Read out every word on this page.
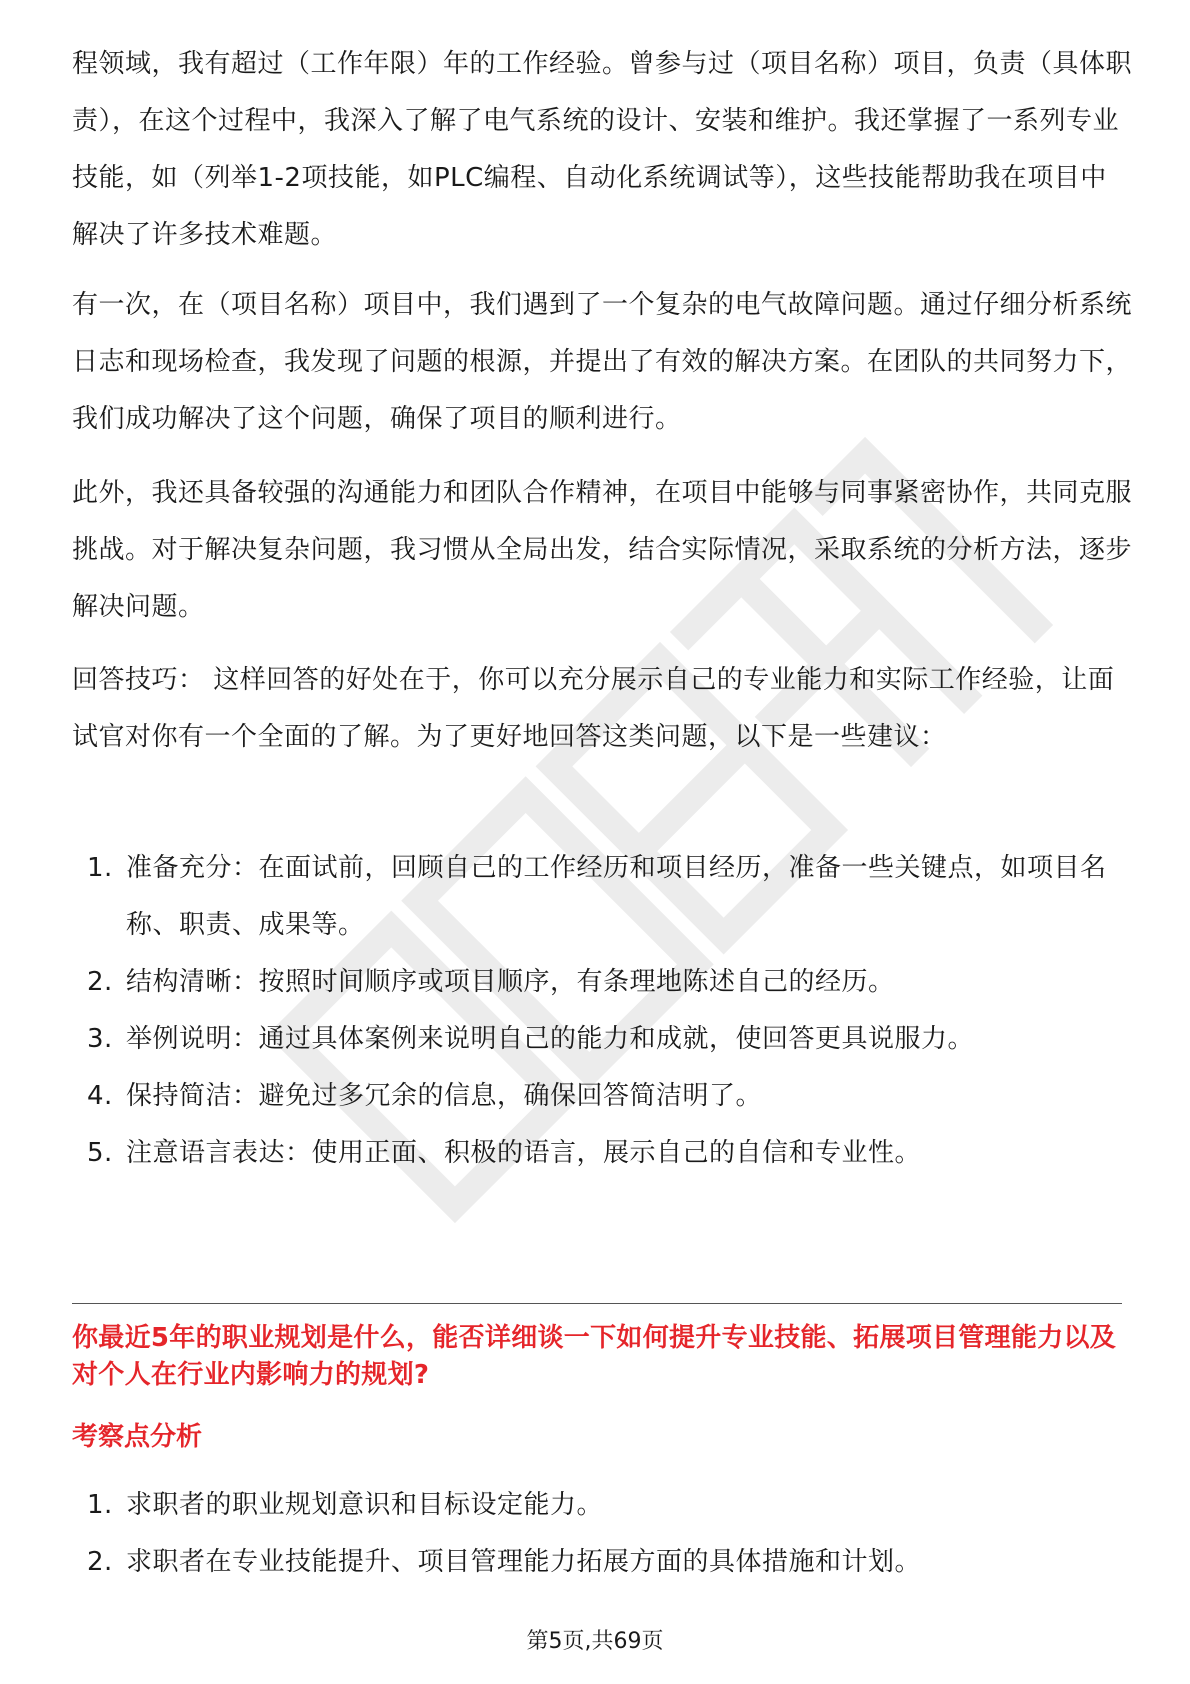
程领域，我有超过（工作年限）年的工作经验。曾参与过（项目名称）项目，负责（具体职责），在这个过程中，我深入了解了电气系统的设计、安装和维护。我还掌握了一系列专业技能，如（列举1-2项技能，如PLC编程、自动化系统调试等），这些技能帮助我在项目中解决了许多技术难题。

有一次，在（项目名称）项目中，我们遇到了一个复杂的电气故障问题。通过仔细分析系统日志和现场检查，我发现了问题的根源，并提出了有效的解决方案。在团队的共同努力下，我们成功解决了这个问题，确保了项目的顺利进行。

此外，我还具备较强的沟通能力和团队合作精神，在项目中能够与同事紧密协作，共同克服挑战。对于解决复杂问题，我习惯从全局出发，结合实际情况，采取系统的分析方法，逐步解决问题。

回答技巧： 这样回答的好处在于，你可以充分展示自己的专业能力和实际工作经验，让面试官对你有一个全面的了解。为了更好地回答这类问题，以下是一些建议：

1. 准备充分：在面试前，回顾自己的工作经历和项目经历，准备一些关键点，如项目名称、职责、成果等。
2. 结构清晰：按照时间顺序或项目顺序，有条理地陈述自己的经历。
3. 举例说明：通过具体案例来说明自己的能力和成就，使回答更具说服力。
4. 保持简洁：避免过多冗余的信息，确保回答简洁明了。
5. 注意语言表达：使用正面、积极的语言，展示自己的自信和专业性。

你最近5年的职业规划是什么，能否详细谈一下如何提升专业技能、拓展项目管理能力以及对个人在行业内影响力的规划?

考察点分析

1. 求职者的职业规划意识和目标设定能力。
2. 求职者在专业技能提升、项目管理能力拓展方面的具体措施和计划。
第5页,共69页
